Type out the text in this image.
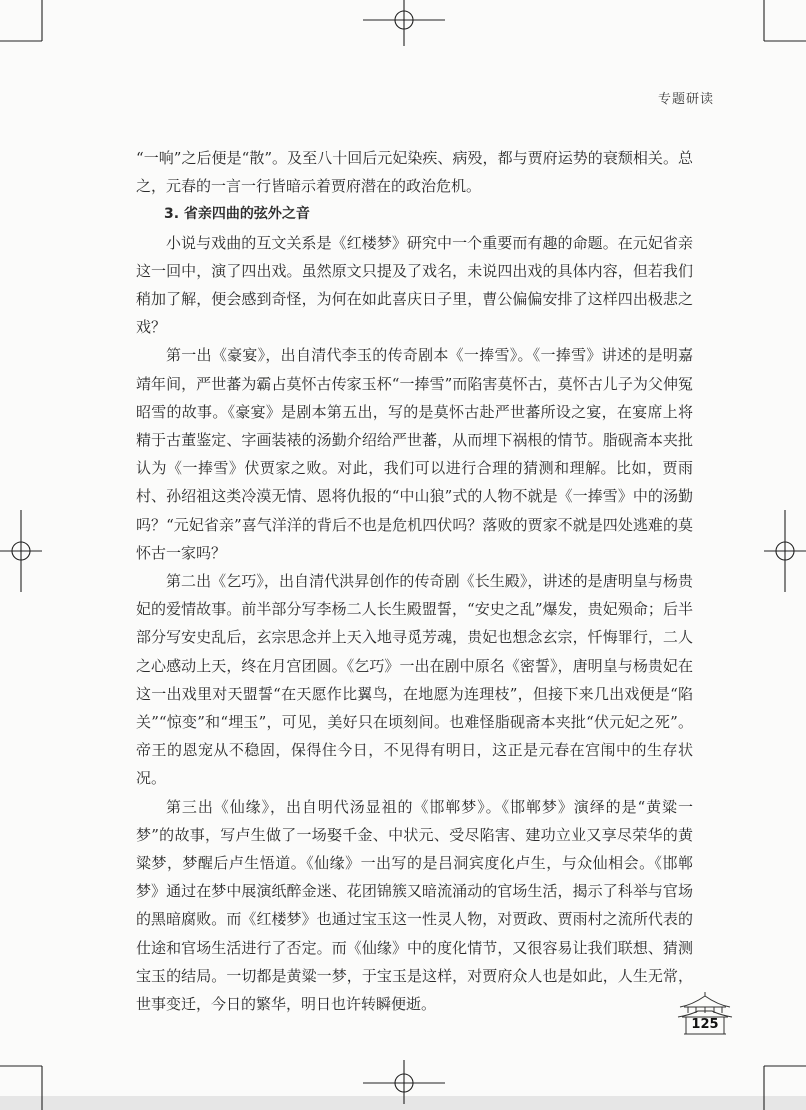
专题研读

“一响”之后便是“散”。及至八十回后元妃染疾、病殁，都与贾府运势的衰颓相关。总之，元春的一言一行皆暗示着贾府潜在的政治危机。

3. 省亲四曲的弦外之音

小说与戏曲的互文关系是《红楼梦》研究中一个重要而有趣的命题。在元妃省亲这一回中，演了四出戏。虽然原文只提及了戏名，未说四出戏的具体内容，但若我们稍加了解，便会感到奇怪，为何在如此喜庆日子里，曹公偏偏安排了这样四出极悲之戏？

第一出《豪宴》，出自清代李玉的传奇剧本《一捧雪》。《一捧雪》讲述的是明嘉靖年间，严世蕃为霸占莫怀古传家玉杯“一捧雪”而陷害莫怀古，莫怀古儿子为父伸冤昭雪的故事。《豪宴》是剧本第五出，写的是莫怀古赴严世蕃所设之宴，在宴席上将精于古董鉴定、字画装裱的汤勤介绍给严世蕃，从而埋下祸根的情节。脂砚斋本夹批认为《一捧雪》伏贾家之败。对此，我们可以进行合理的猜测和理解。比如，贾雨村、孙绍祖这类冷漠无情、恩将仇报的“中山狼”式的人物不就是《一捧雪》中的汤勤吗？“元妃省亲”喜气洋洋的背后不也是危机四伏吗？落败的贾家不就是四处逃难的莫怀古一家吗？

第二出《乞巧》，出自清代洪昇创作的传奇剧《长生殿》，讲述的是唐明皇与杨贵妃的爱情故事。前半部分写李杨二人长生殿盟誓，“安史之乱”爆发，贵妃殒命；后半部分写安史乱后，玄宗思念并上天入地寻觅芳魂，贵妃也想念玄宗，忏悔罪行，二人之心感动上天，终在月宫团圆。《乞巧》一出在剧中原名《密誓》，唐明皇与杨贵妃在这一出戏里对天盟誓“在天愿作比翼鸟，在地愿为连理枝”，但接下来几出戏便是“陷关”“惊变”和“埋玉”，可见，美好只在顷刻间。也难怪脂砚斋本夹批“伏元妃之死”。帝王的恩宠从不稳固，保得住今日，不见得有明日，这正是元春在宫闱中的生存状况。

第三出《仙缘》，出自明代汤显祖的《邯郸梦》。《邯郸梦》演绎的是“黄粱一梦”的故事，写卢生做了一场娶千金、中状元、受尽陷害、建功立业又享尽荣华的黄粱梦，梦醒后卢生悟道。《仙缘》一出写的是吕洞宾度化卢生，与众仙相会。《邯郸梦》通过在梦中展演纸醉金迷、花团锦簇又暗流涌动的官场生活，揭示了科举与官场的黑暗腐败。而《红楼梦》也通过宝玉这一性灵人物，对贾政、贾雨村之流所代表的仕途和官场生活进行了否定。而《仙缘》中的度化情节，又很容易让我们联想、猜测宝玉的结局。一切都是黄粱一梦，于宝玉是这样，对贾府众人也是如此，人生无常，世事变迁，今日的繁华，明日也许转瞬便逝。

125
